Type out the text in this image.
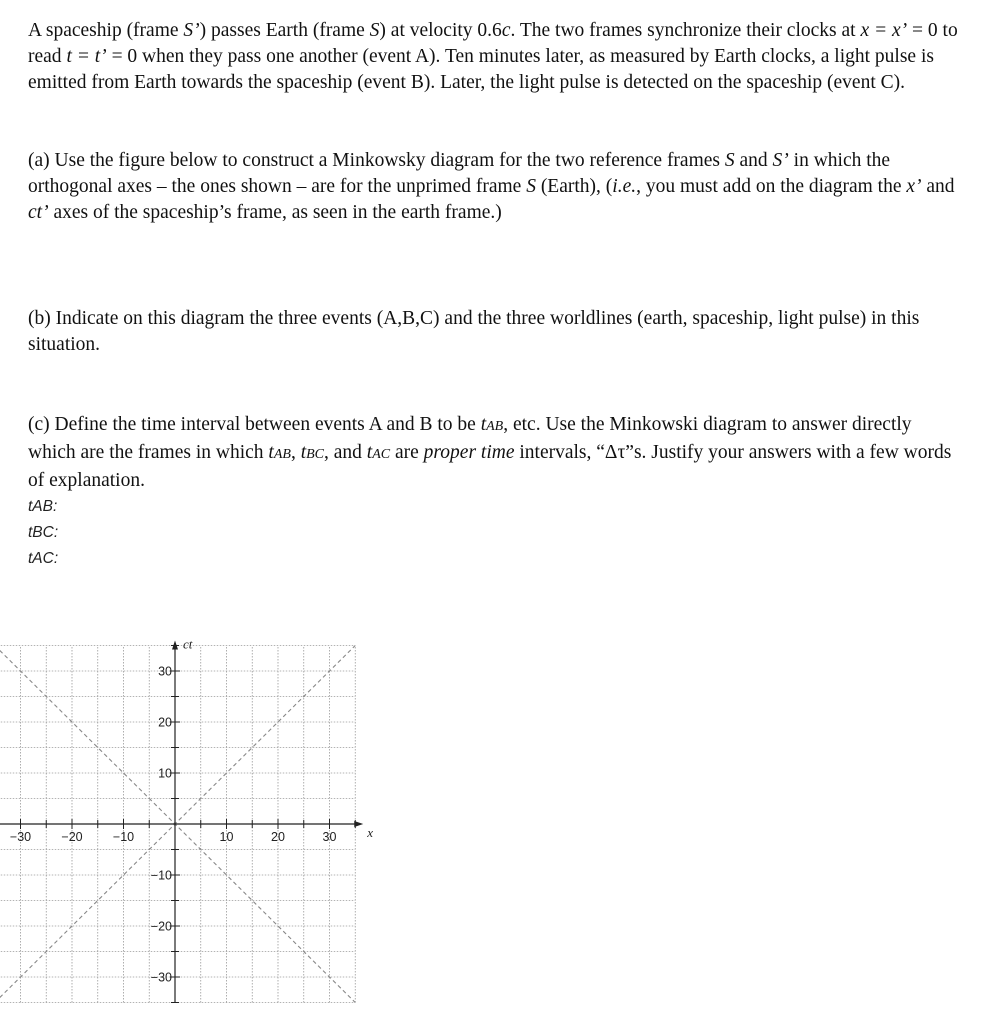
A spaceship (frame S’) passes Earth (frame S) at velocity 0.6c. The two frames synchronize their clocks at x = x’ = 0 to read t = t’ = 0 when they pass one another (event A). Ten minutes later, as measured by Earth clocks, a light pulse is emitted from Earth towards the spaceship (event B). Later, the light pulse is detected on the spaceship (event C).

(a) Use the figure below to construct a Minkowsky diagram for the two reference frames S and S’ in which the orthogonal axes – the ones shown – are for the unprimed frame S (Earth), (i.e., you must add on the diagram the x’ and ct’ axes of the spaceship’s frame, as seen in the earth frame.)

(b) Indicate on this diagram the three events (A,B,C) and the three worldlines (earth, spaceship, light pulse) in this situation.

(c) Define the time interval between events A and B to be tAB, etc. Use the Minkowski diagram to answer directly which are the frames in which tAB, tBC, and tAC are proper time intervals, “Δτ”s. Justify your answers with a few words of explanation.

tAB:
tBC:
tAC:
−30 −20 −10	10	20	30
30
20
10
−10
−20
−30
x
ct
